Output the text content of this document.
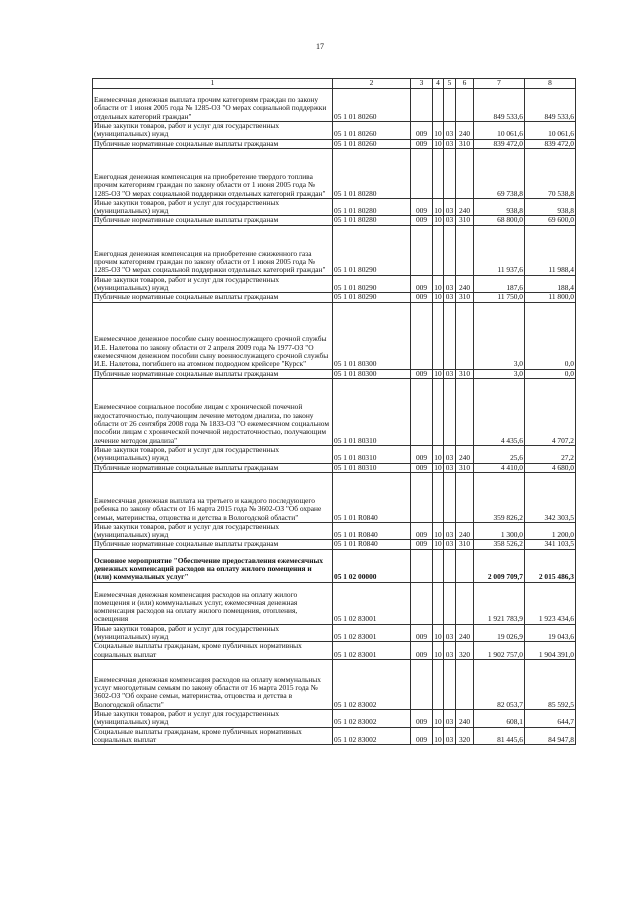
17
1	2	3	4	5	6	7	8
Ежемесячная денежная выплата прочим категориям граждан по закону области от 1 июня 2005 года № 1285-ОЗ "О мерах социальной поддержки отдельных категорий граждан"	05 1 01 80260					849 533,6	849 533,6
Иные закупки товаров, работ и услуг для государственных (муниципальных) нужд	05 1 01 80260	009	10	03	240	10 061,6	10 061,6
Публичные нормативные социальные выплаты гражданам	05 1 01 80260	009	10	03	310	839 472,0	839 472,0
Ежегодная денежная компенсация на приобретение твердого топлива прочим категориям граждан по закону области от 1 июня 2005 года № 1285-ОЗ "О мерах социальной поддержки отдельных категорий граждан"	05 1 01 80280					69 738,8	70 538,8
Иные закупки товаров, работ и услуг для государственных (муниципальных) нужд	05 1 01 80280	009	10	03	240	938,8	938,8
Публичные нормативные социальные выплаты гражданам	05 1 01 80280	009	10	03	310	68 800,0	69 600,0
Ежегодная денежная компенсация на приобретение сжиженного газа прочим категориям граждан по закону области от 1 июня 2005 года № 1285-ОЗ "О мерах социальной поддержки отдельных категорий граждан"	05 1 01 80290					11 937,6	11 988,4
Иные закупки товаров, работ и услуг для государственных (муниципальных) нужд	05 1 01 80290	009	10	03	240	187,6	188,4
Публичные нормативные социальные выплаты гражданам	05 1 01 80290	009	10	03	310	11 750,0	11 800,0
Ежемесячное денежное пособие сыну военнослужащего срочной службы И.Е. Налетова по закону области от 2 апреля 2009 года № 1977-ОЗ "О ежемесячном денежном пособии сыну военнослужащего срочной службы И.Е. Налетова, погибшего на атомном подводном крейсере "Курск"	05 1 01 80300					3,0	0,0
Публичные нормативные социальные выплаты гражданам	05 1 01 80300	009	10	03	310	3,0	0,0
Ежемесячное социальное пособие лицам с хронической почечной недостаточностью, получающим лечение методом диализа, по закону области от 26 сентября 2008 года № 1833-ОЗ "О ежемесячном социальном пособии лицам с хронической почечной недостаточностью, получающим лечение методом диализа"	05 1 01 80310					4 435,6	4 707,2
Иные закупки товаров, работ и услуг для государственных (муниципальных) нужд	05 1 01 80310	009	10	03	240	25,6	27,2
Публичные нормативные социальные выплаты гражданам	05 1 01 80310	009	10	03	310	4 410,0	4 680,0
Ежемесячная денежная выплата на третьего и каждого последующего ребенка по закону области от 16 марта 2015 года № 3602-ОЗ "Об охране семьи, материнства, отцовства и детства в Вологодской области"	05 1 01 R0840					359 826,2	342 303,5
Иные закупки товаров, работ и услуг для государственных (муниципальных) нужд	05 1 01 R0840	009	10	03	240	1 300,0	1 200,0
Публичные нормативные социальные выплаты гражданам	05 1 01 R0840	009	10	03	310	358 526,2	341 103,5
Основное мероприятие "Обеспечение предоставления ежемесячных денежных компенсаций расходов на оплату жилого помещения и (или) коммунальных услуг"	05 1 02 00000					2 009 709,7	2 015 486,3
Ежемесячная денежная компенсация расходов на оплату жилого помещения и (или) коммунальных услуг, ежемесячная денежная компенсация расходов на оплату жилого помещения, отопления, освещения	05 1 02 83001					1 921 783,9	1 923 434,6
Иные закупки товаров, работ и услуг для государственных (муниципальных) нужд	05 1 02 83001	009	10	03	240	19 026,9	19 043,6
Социальные выплаты гражданам, кроме публичных нормативных социальных выплат	05 1 02 83001	009	10	03	320	1 902 757,0	1 904 391,0
Ежемесячная денежная компенсация расходов на оплату коммунальных услуг многодетным семьям по закону области от 16 марта 2015 года № 3602-ОЗ "Об охране семьи, материнства, отцовства и детства в Вологодской области"	05 1 02 83002					82 053,7	85 592,5
Иные закупки товаров, работ и услуг для государственных (муниципальных) нужд	05 1 02 83002	009	10	03	240	608,1	644,7
Социальные выплаты гражданам, кроме публичных нормативных социальных выплат	05 1 02 83002	009	10	03	320	81 445,6	84 947,8
